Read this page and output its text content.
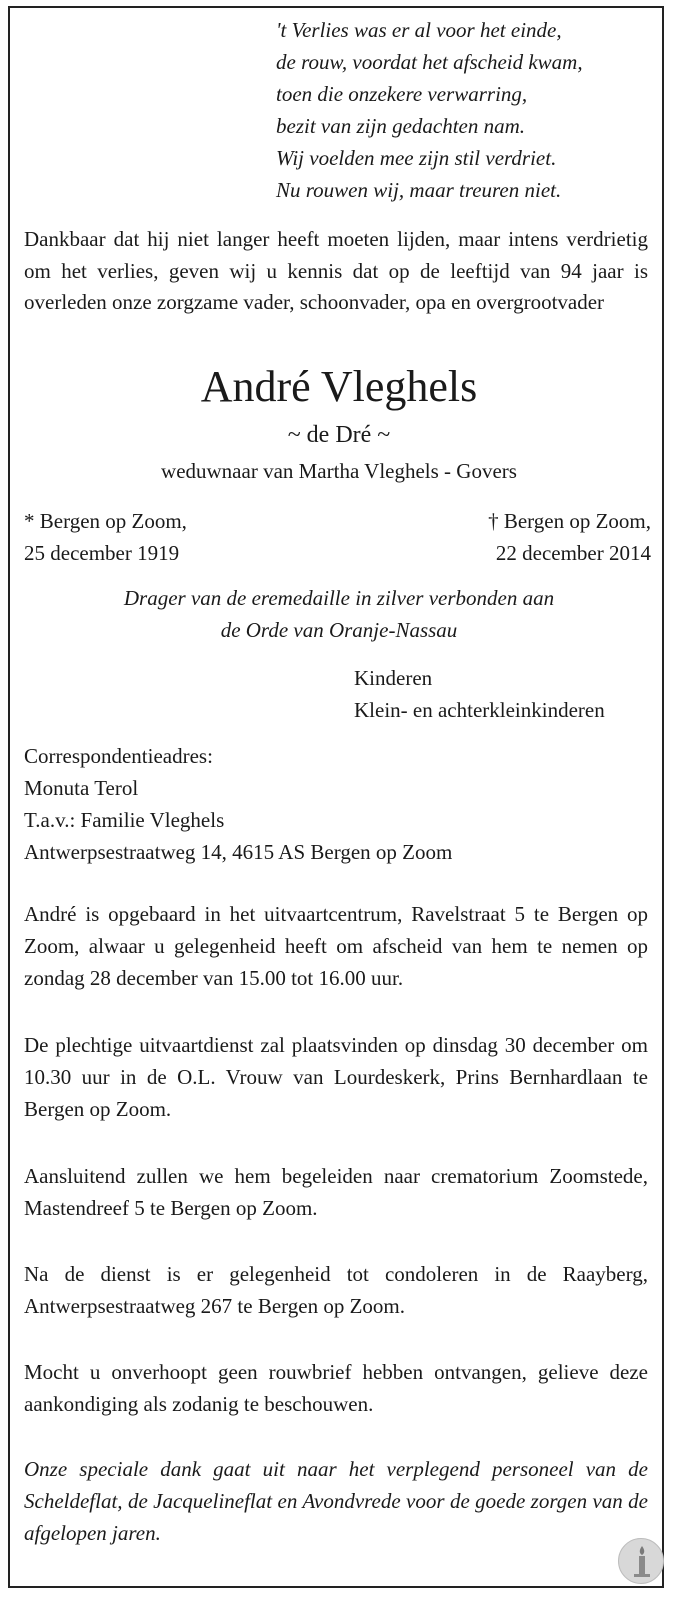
't Verlies was er al voor het einde,
de rouw, voordat het afscheid kwam,
toen die onzekere verwarring,
bezit van zijn gedachten nam.
Wij voelden mee zijn stil verdriet.
Nu rouwen wij, maar treuren niet.
Dankbaar dat hij niet langer heeft moeten lijden, maar intens verdrietig om het verlies, geven wij u kennis dat op de leeftijd van 94 jaar is overleden onze zorgzame vader, schoonvader, opa en overgrootvader
André Vleghels
~ de Dré ~
weduwnaar van Martha Vleghels - Govers
* Bergen op Zoom,
25 december 1919
† Bergen op Zoom,
22 december 2014
Drager van de eremedaille in zilver verbonden aan
de Orde van Oranje-Nassau
Kinderen
Klein- en achterkleinkinderen
Correspondentieadres:
Monuta Terol
T.a.v.: Familie Vleghels
Antwerpsestraatweg 14, 4615 AS Bergen op Zoom
André is opgebaard in het uitvaartcentrum, Ravelstraat 5 te Bergen op Zoom, alwaar u gelegenheid heeft om afscheid van hem te nemen op zondag 28 december van 15.00 tot 16.00 uur.
De plechtige uitvaartdienst zal plaatsvinden op dinsdag 30 december om 10.30 uur in de O.L. Vrouw van Lourdeskerk, Prins Bernhardlaan te Bergen op Zoom.
Aansluitend zullen we hem begeleiden naar crematorium Zoomstede, Mastendreef 5 te Bergen op Zoom.
Na de dienst is er gelegenheid tot condoleren in de Raayberg, Antwerpsestraatweg 267 te Bergen op Zoom.
Mocht u onverhoopt geen rouwbrief hebben ontvangen, gelieve deze aankondiging als zodanig te beschouwen.
Onze speciale dank gaat uit naar het verplegend personeel van de Scheldeflat, de Jacquelineflat en Avondvrede voor de goede zorgen van de afgelopen jaren.
